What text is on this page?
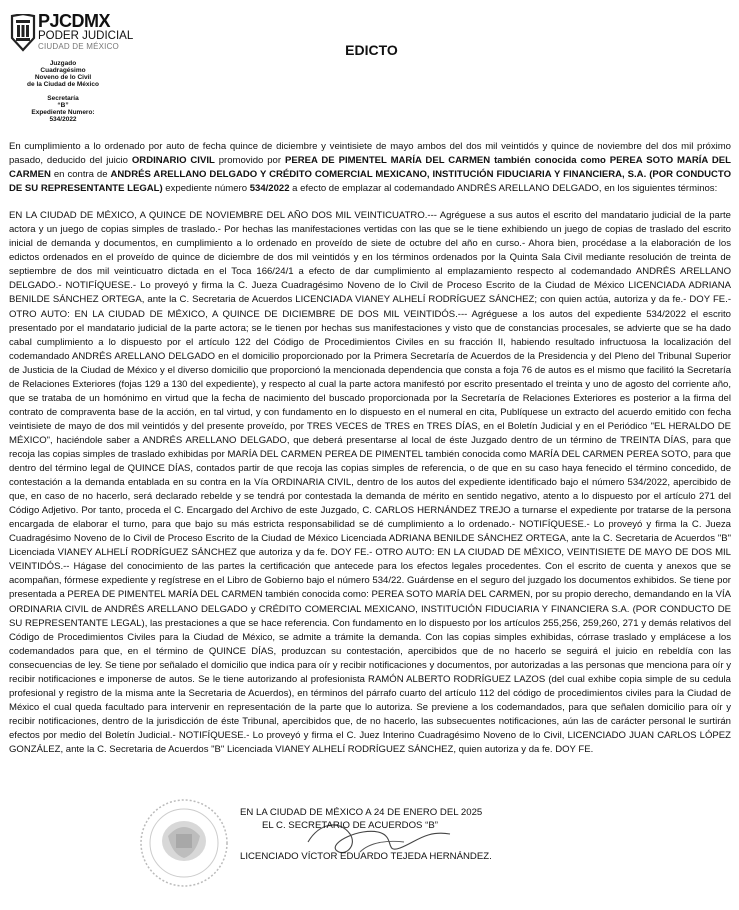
PJCDMX
PODER JUDICIAL
CIUDAD DE MÉXICO
Juzgado
Cuadragésimo
Noveno de lo Civil
de la Ciudad de México
Secretaría
“B”
Expediente Numero:
534/2022
EDICTO

En cumplimiento a lo ordenado por auto de fecha quince de diciembre y veintisiete de mayo ambos del dos mil veintidós y quince de noviembre del dos mil próximo pasado, deducido del juicio ORDINARIO CIVIL promovido por PEREA DE PIMENTEL MARÍA DEL CARMEN también conocida como PEREA SOTO MARÍA DEL CARMEN en contra de ANDRÉS ARELLANO DELGADO Y CRÉDITO COMERCIAL MEXICANO, INSTITUCIÓN FIDUCIARIA Y FINANCIERA, S.A. (POR CONDUCTO DE SU REPRESENTANTE LEGAL) expediente número 534/2022 a efecto de emplazar al codemandado ANDRÉS ARELLANO DELGADO, en los siguientes términos:

EN LA CIUDAD DE MÉXICO, A QUINCE DE NOVIEMBRE DEL AÑO DOS MIL VEINTICUATRO.--- Agréguese a sus autos el escrito del mandatario judicial de la parte actora y un juego de copias simples de traslado.- Por hechas las manifestaciones vertidas con las que se le tiene exhibiendo un juego de copias de traslado del escrito inicial de demanda y documentos, en cumplimiento a lo ordenado en proveído de siete de octubre del año en curso.- Ahora bien, procédase a la elaboración de los edictos ordenados en el proveído de quince de diciembre de dos mil veintidós y en los términos ordenados por la Quinta Sala Civil mediante resolución de treinta de septiembre de dos mil veinticuatro dictada en el Toca 166/24/1 a efecto de dar cumplimiento al emplazamiento respecto al codemandado ANDRÉS ARELLANO DELGADO.- NOTIFÍQUESE.- Lo proveyó y firma la C. Jueza Cuadragésimo Noveno de lo Civil de Proceso Escrito de la Ciudad de México LICENCIADA ADRIANA BENILDE SÁNCHEZ ORTEGA, ante la C. Secretaria de Acuerdos LICENCIADA VIANEY ALHELÍ RODRÍGUEZ SÁNCHEZ; con quien actúa, autoriza y da fe.- DOY FE.- OTRO AUTO: EN LA CIUDAD DE MÉXICO, A QUINCE DE DICIEMBRE DE DOS MIL VEINTIDÓS.--- Agréguese a los autos del expediente 534/2022 el escrito presentado por el mandatario judicial de la parte actora; se le tienen por hechas sus manifestaciones y visto que de constancias procesales, se advierte que se ha dado cabal cumplimiento a lo dispuesto por el artículo 122 del Código de Procedimientos Civiles en su fracción II, habiendo resultado infructuosa la localización del codemandado ANDRÉS ARELLANO DELGADO en el domicilio proporcionado por la Primera Secretaría de Acuerdos de la Presidencia y del Pleno del Tribunal Superior de Justicia de la Ciudad de México y el diverso domicilio que proporcionó la mencionada dependencia que consta a foja 76 de autos es el mismo que facilitó la Secretaría de Relaciones Exteriores (fojas 129 a 130 del expediente), y respecto al cual la parte actora manifestó por escrito presentado el treinta y uno de agosto del corriente año, que se trataba de un homónimo en virtud que la fecha de nacimiento del buscado proporcionada por la Secretaría de Relaciones Exteriores es posterior a la firma del contrato de compraventa base de la acción, en tal virtud, y con fundamento en lo dispuesto en el numeral en cita, Publíquese un extracto del acuerdo emitido con fecha veintisiete de mayo de dos mil veintidós y del presente proveído, por TRES VECES de TRES en TRES DÍAS, en el Boletín Judicial y en el Periódico "EL HERALDO DE MÉXICO", haciéndole saber a ANDRÉS ARELLANO DELGADO, que deberá presentarse al local de éste Juzgado dentro de un término de TREINTA DÍAS, para que recoja las copias simples de traslado exhibidas por MARÍA DEL CARMEN PEREA DE PIMENTEL también conocida como MARÍA DEL CARMEN PEREA SOTO, para que dentro del término legal de QUINCE DÍAS, contados partir de que recoja las copias simples de referencia, o de que en su caso haya fenecido el término concedido, de contestación a la demanda entablada en su contra en la Vía ORDINARIA CIVIL, dentro de los autos del expediente identificado bajo el número 534/2022, apercibido de que, en caso de no hacerlo, será declarado rebelde y se tendrá por contestada la demanda de mérito en sentido negativo, atento a lo dispuesto por el artículo 271 del Código Adjetivo. Por tanto, proceda el C. Encargado del Archivo de este Juzgado, C. CARLOS HERNÁNDEZ TREJO a turnarse el expediente por tratarse de la persona encargada de elaborar el turno, para que bajo su más estricta responsabilidad se dé cumplimiento a lo ordenado.- NOTIFÍQUESE.- Lo proveyó y firma la C. Jueza Cuadragésimo Noveno de lo Civil de Proceso Escrito de la Ciudad de México Licenciada ADRIANA BENILDE SÁNCHEZ ORTEGA, ante la C. Secretaria de Acuerdos "B" Licenciada VIANEY ALHELÍ RODRÍGUEZ SÁNCHEZ que autoriza y da fe. DOY FE.- OTRO AUTO: EN LA CIUDAD DE MÉXICO, VEINTISIETE DE MAYO DE DOS MIL VEINTIDÓS.-- Hágase del conocimiento de las partes la certificación que antecede para los efectos legales procedentes. Con el escrito de cuenta y anexos que se acompañan, fórmese expediente y regístrese en el Libro de Gobierno bajo el número 534/22. Guárdense en el seguro del juzgado los documentos exhibidos. Se tiene por presentada a PEREA DE PIMENTEL MARÍA DEL CARMEN también conocida como: PEREA SOTO MARÍA DEL CARMEN, por su propio derecho, demandando en la VÍA ORDINARIA CIVIL de ANDRÉS ARELLANO DELGADO y CRÉDITO COMERCIAL MEXICANO, INSTITUCIÓN FIDUCIARIA Y FINANCIERA S.A. (POR CONDUCTO DE SU REPRESENTANTE LEGAL), las prestaciones a que se hace referencia. Con fundamento en lo dispuesto por los artículos 255,256, 259,260, 271 y demás relativos del Código de Procedimientos Civiles para la Ciudad de México, se admite a trámite la demanda. Con las copias simples exhibidas, córrase traslado y emplácese a los codemandados para que, en el término de QUINCE DÍAS, produzcan su contestación, apercibidos que de no hacerlo se seguirá el juicio en rebeldía con las consecuencias de ley. Se tiene por señalado el domicilio que indica para oír y recibir notificaciones y documentos, por autorizadas a las personas que menciona para oír y recibir notificaciones e imponerse de autos. Se le tiene autorizando al profesionista RAMÓN ALBERTO RODRÍGUEZ LAZOS (del cual exhibe copia simple de su cedula profesional y registro de la misma ante la Secretaria de Acuerdos), en términos del párrafo cuarto del artículo 112 del código de procedimientos civiles para la Ciudad de México el cual queda facultado para intervenir en representación de la parte que lo autoriza. Se previene a los codemandados, para que señalen domicilio para oír y recibir notificaciones, dentro de la jurisdicción de éste Tribunal, apercibidos que, de no hacerlo, las subsecuentes notificaciones, aún las de carácter personal le surtirán efectos por medio del Boletín Judicial.- NOTIFÍQUESE.- Lo proveyó y firma el C. Juez Interino Cuadragésimo Noveno de lo Civil, LICENCIADO JUAN CARLOS LÓPEZ GONZÁLEZ, ante la C. Secretaria de Acuerdos "B" Licenciada VIANEY ALHELÍ RODRÍGUEZ SÁNCHEZ, quien autoriza y da fe. DOY FE.

EN LA CIUDAD DE MÉXICO A 24 DE ENERO DEL 2025
EL C. SECRETARIO DE ACUERDOS “B”
LICENCIADO VÍCTOR EDUARDO TEJEDA HERNÁNDEZ.
